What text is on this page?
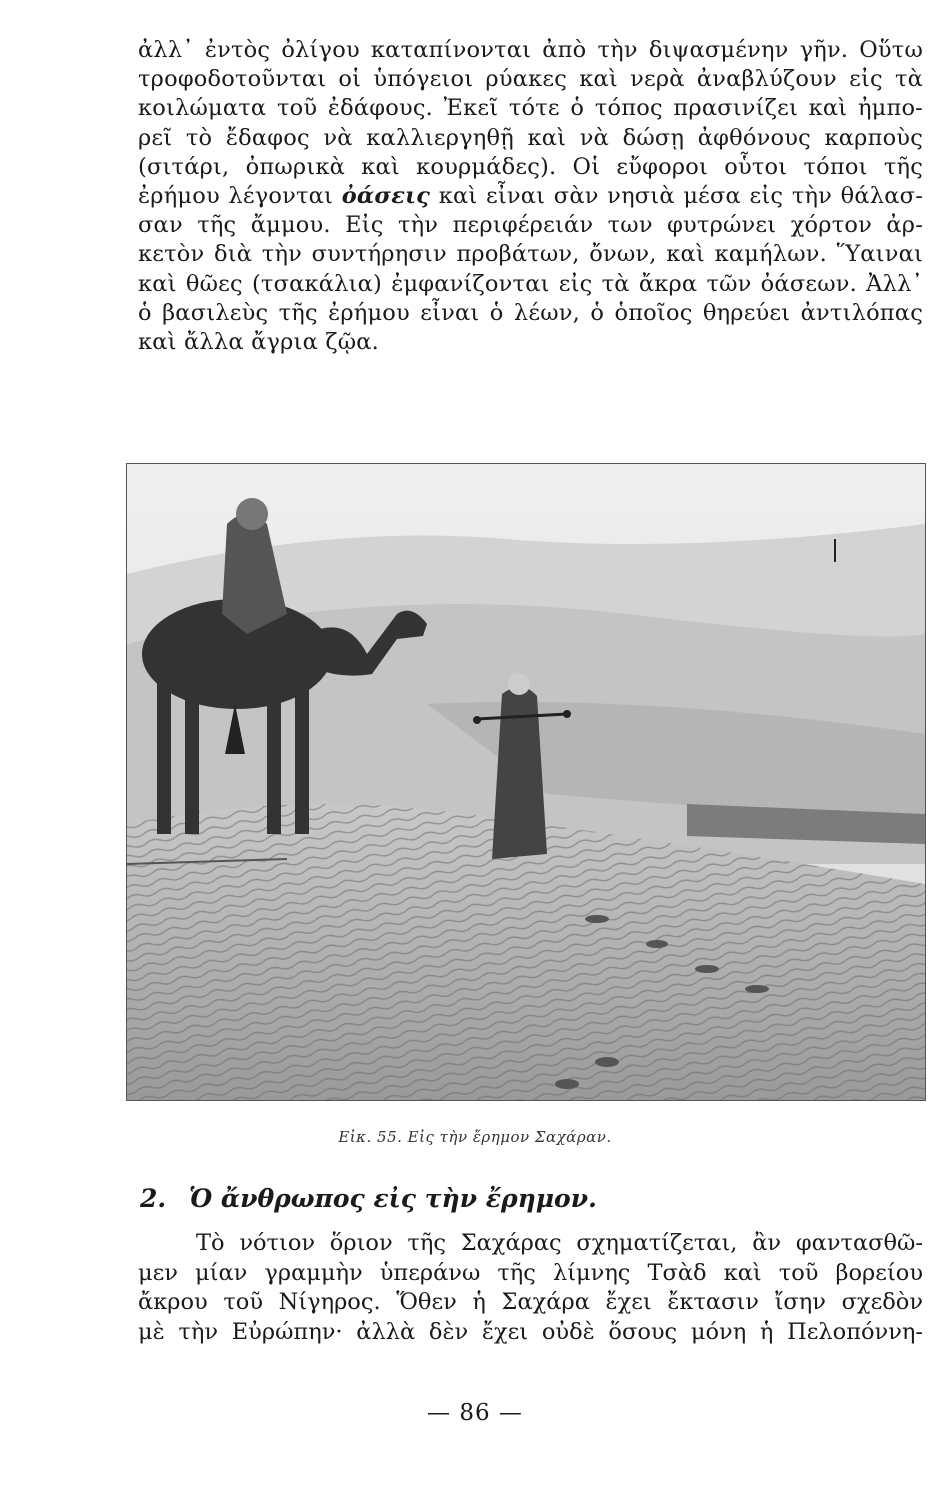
ἀλλ᾿ ἐντὸς ὀλίγου καταπίνονται ἀπὸ τὴν διψασμένην γῆν. Οὕτω
τροφοδοτοῦνται οἱ ὑπόγειοι ρύακες καὶ νερὰ ἀναβλύζουν εἰς τὰ
κοιλώματα τοῦ ἐδάφους. Ἐκεῖ τότε ὁ τόπος πρασινίζει καὶ ἠμπο-
ρεῖ τὸ ἔδαφος νὰ καλλιεργηθῇ καὶ νὰ δώσῃ ἀφθόνους καρποὺς
(σιτάρι, ὀπωρικὰ καὶ κουρμάδες). Οἱ εὔφοροι οὗτοι τόποι τῆς
ἐρήμου λέγονται ὀάσεις καὶ εἶναι σὰν νησιὰ μέσα εἰς τὴν θάλασ-
σαν τῆς ἄμμου. Εἰς τὴν περιφέρειάν των φυτρώνει χόρτον ἀρ-
κετὸν διὰ τὴν συντήρησιν προβάτων, ὄνων, καὶ καμήλων. Ὕαιναι
καὶ θῶες (τσακάλια) ἐμφανίζονται εἰς τὰ ἄκρα τῶν ὀάσεων. Ἀλλ᾿
ὁ βασιλεὺς τῆς ἐρήμου εἶναι ὁ λέων, ὁ ὁποῖος θηρεύει ἀντιλόπας
καὶ ἄλλα ἄγρια ζῷα.
Εἰκ. 55. Εἰς τὴν ἔρημον Σαχάραν.
2. Ὁ ἄνθρωπος εἰς τὴν ἔρημον.
Τὸ νότιον ὅριον τῆς Σαχάρας σχηματίζεται, ἂν φαντασθῶ-
μεν μίαν γραμμὴν ὑπεράνω τῆς λίμνης Τσὰδ καὶ τοῦ βορείου
ἄκρου τοῦ Νίγηρος. Ὅθεν ἡ Σαχάρα ἔχει ἔκτασιν ἴσην σχεδὸν
μὲ τὴν Εὐρώπην· ἀλλὰ δὲν ἔχει οὐδὲ ὅσους μόνη ἡ Πελοπόννη-
— 86 —
